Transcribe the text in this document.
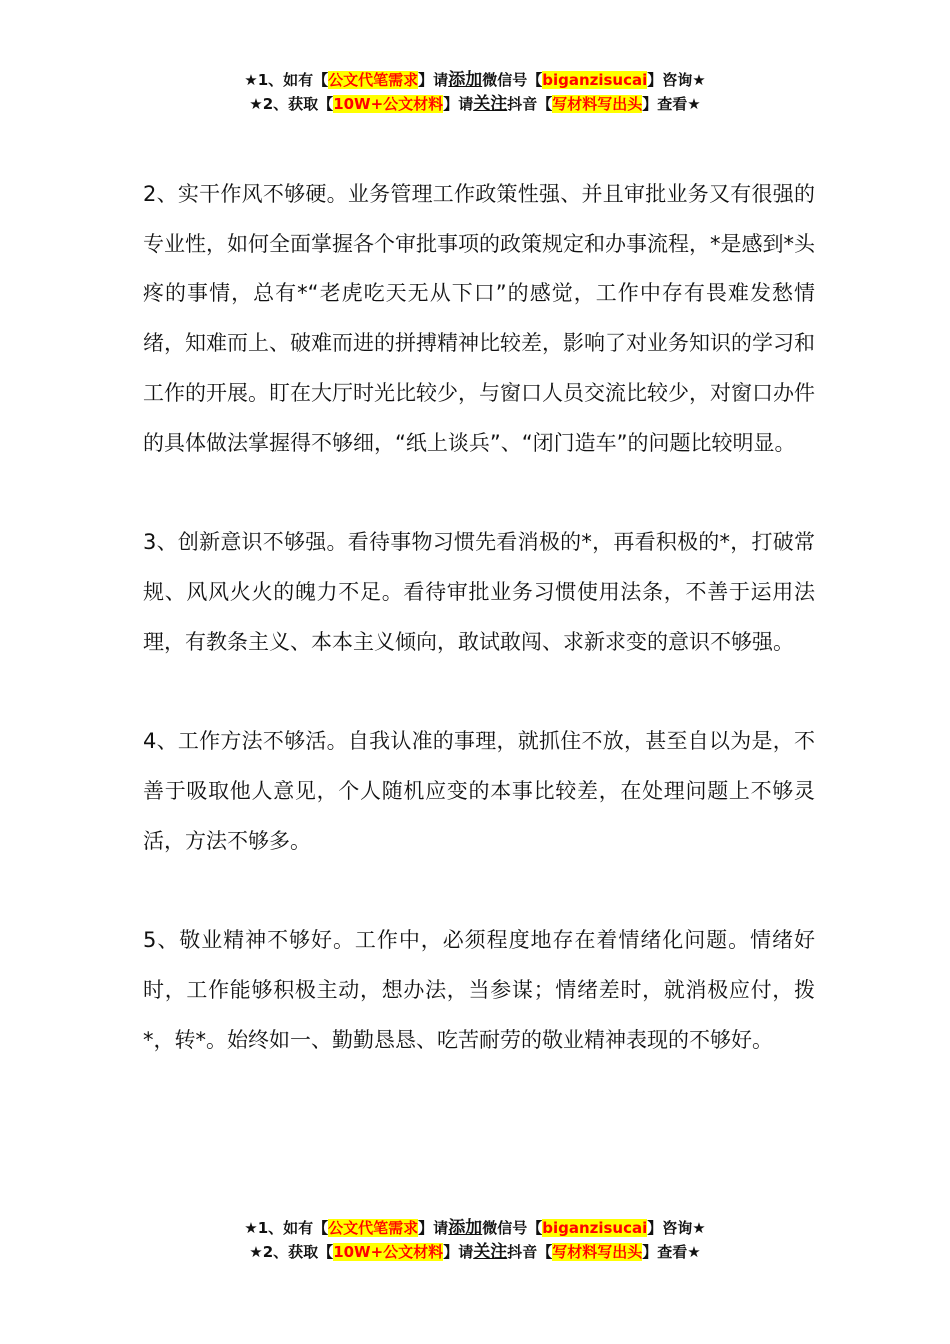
★1、如有【公文代笔需求】请添加微信号【biganzisucai】咨询★
★2、获取【10W+公文材料】请关注抖音【写材料写出头】查看★

2、实干作风不够硬。业务管理工作政策性强、并且审批业务又有很强的专业性，如何全面掌握各个审批事项的政策规定和办事流程，*是感到*头疼的事情，总有*“老虎吃天无从下口”的感觉，工作中存有畏难发愁情绪，知难而上、破难而进的拼搏精神比较差，影响了对业务知识的学习和工作的开展。盯在大厅时光比较少，与窗口人员交流比较少，对窗口办件的具体做法掌握得不够细，“纸上谈兵”、“闭门造车”的问题比较明显。

3、创新意识不够强。看待事物习惯先看消极的*，再看积极的*，打破常规、风风火火的魄力不足。看待审批业务习惯使用法条，不善于运用法理，有教条主义、本本主义倾向，敢试敢闯、求新求变的意识不够强。

4、工作方法不够活。自我认准的事理，就抓住不放，甚至自以为是，不善于吸取他人意见，个人随机应变的本事比较差，在处理问题上不够灵活，方法不够多。

5、敬业精神不够好。工作中，必须程度地存在着情绪化问题。情绪好时，工作能够积极主动，想办法，当参谋；情绪差时，就消极应付，拨*，转*。始终如一、勤勤恳恳、吃苦耐劳的敬业精神表现的不够好。

★1、如有【公文代笔需求】请添加微信号【biganzisucai】咨询★
★2、获取【10W+公文材料】请关注抖音【写材料写出头】查看★
